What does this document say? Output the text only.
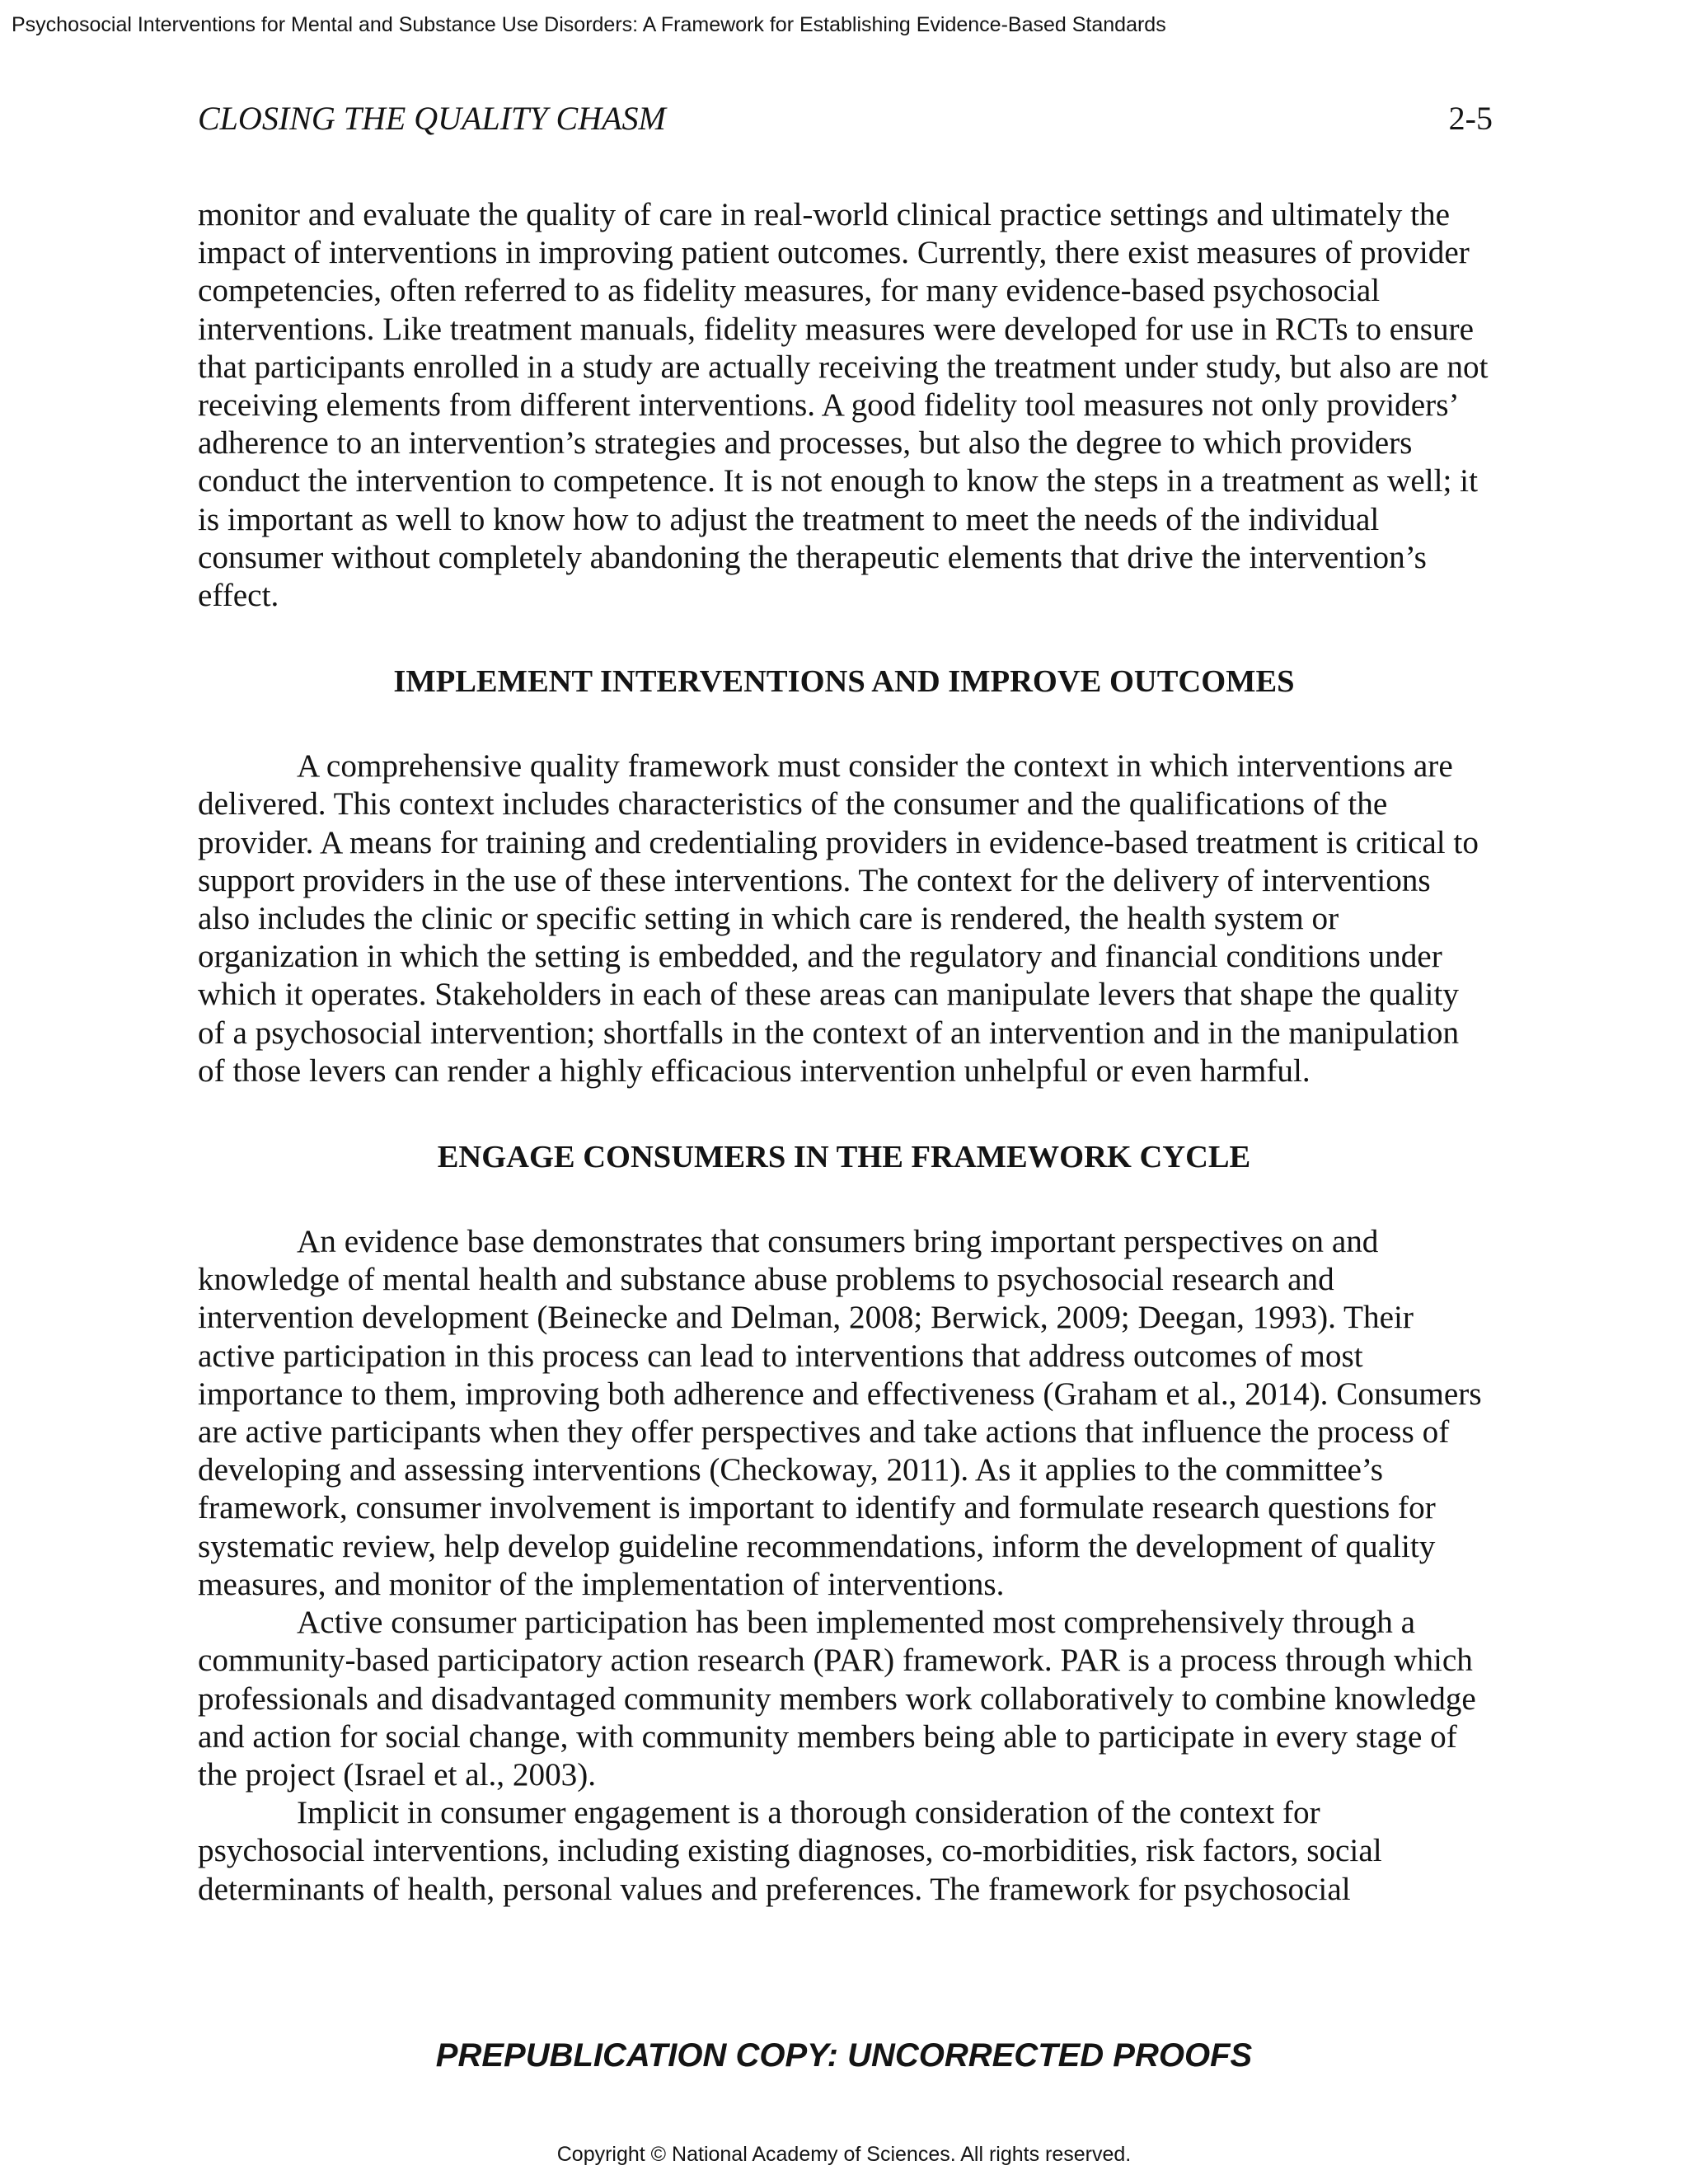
Psychosocial Interventions for Mental and Substance Use Disorders: A Framework for Establishing Evidence-Based Standards
CLOSING THE QUALITY CHASM	2-5

monitor and evaluate the quality of care in real-world clinical practice settings and ultimately the impact of interventions in improving patient outcomes. Currently, there exist measures of provider competencies, often referred to as fidelity measures, for many evidence-based psychosocial interventions. Like treatment manuals, fidelity measures were developed for use in RCTs to ensure that participants enrolled in a study are actually receiving the treatment under study, but also are not receiving elements from different interventions. A good fidelity tool measures not only providers’ adherence to an intervention’s strategies and processes, but also the degree to which providers conduct the intervention to competence. It is not enough to know the steps in a treatment as well; it is important as well to know how to adjust the treatment to meet the needs of the individual consumer without completely abandoning the therapeutic elements that drive the intervention’s effect.

IMPLEMENT INTERVENTIONS AND IMPROVE OUTCOMES

A comprehensive quality framework must consider the context in which interventions are delivered. This context includes characteristics of the consumer and the qualifications of the provider. A means for training and credentialing providers in evidence-based treatment is critical to support providers in the use of these interventions. The context for the delivery of interventions also includes the clinic or specific setting in which care is rendered, the health system or organization in which the setting is embedded, and the regulatory and financial conditions under which it operates. Stakeholders in each of these areas can manipulate levers that shape the quality of a psychosocial intervention; shortfalls in the context of an intervention and in the manipulation of those levers can render a highly efficacious intervention unhelpful or even harmful.

ENGAGE CONSUMERS IN THE FRAMEWORK CYCLE

An evidence base demonstrates that consumers bring important perspectives on and knowledge of mental health and substance abuse problems to psychosocial research and intervention development (Beinecke and Delman, 2008; Berwick, 2009; Deegan, 1993). Their active participation in this process can lead to interventions that address outcomes of most importance to them, improving both adherence and effectiveness (Graham et al., 2014). Consumers are active participants when they offer perspectives and take actions that influence the process of developing and assessing interventions (Checkoway, 2011). As it applies to the committee’s framework, consumer involvement is important to identify and formulate research questions for systematic review, help develop guideline recommendations, inform the development of quality measures, and monitor of the implementation of interventions.

Active consumer participation has been implemented most comprehensively through a community-based participatory action research (PAR) framework. PAR is a process through which professionals and disadvantaged community members work collaboratively to combine knowledge and action for social change, with community members being able to participate in every stage of the project (Israel et al., 2003).

Implicit in consumer engagement is a thorough consideration of the context for psychosocial interventions, including existing diagnoses, co-morbidities, risk factors, social determinants of health, personal values and preferences. The framework for psychosocial

PREPUBLICATION COPY: UNCORRECTED PROOFS
Copyright © National Academy of Sciences. All rights reserved.
